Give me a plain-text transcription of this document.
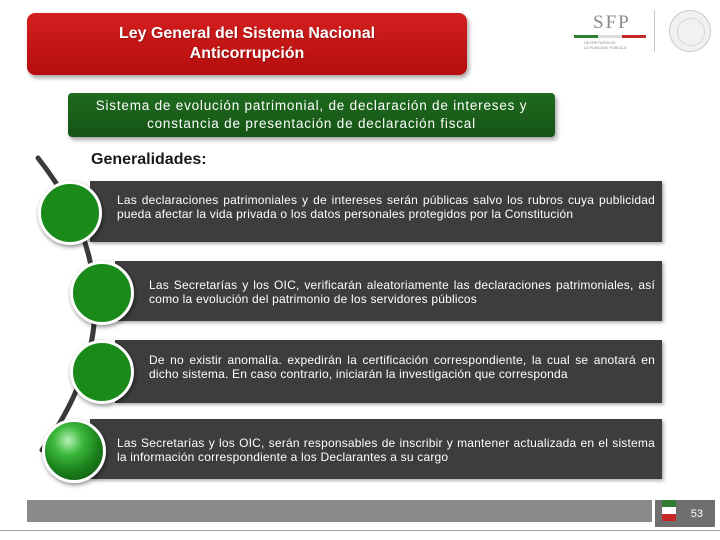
Ley General del Sistema Nacional
Anticorrupción
SFP
SECRETARÍA DE
LA FUNCIÓN PÚBLICA
Sistema de evolución patrimonial, de declaración de intereses y
constancia de presentación de declaración fiscal
Generalidades:
Las declaraciones patrimoniales y de intereses serán públicas salvo los rubros cuya publicidad pueda afectar la vida privada o los datos personales protegidos por la Constitución
Las Secretarías y los OIC, verificarán aleatoriamente las declaraciones patrimoniales, así como la evolución del patrimonio de los servidores públicos
De no existir anomalía. expedirán la certificación correspondiente, la cual se anotará en dicho sistema. En caso contrario, iniciarán la investigación que corresponda
Las Secretarías y los OIC, serán responsables de inscribir y mantener actualizada en el sistema la información correspondiente a los Declarantes a su cargo
53
